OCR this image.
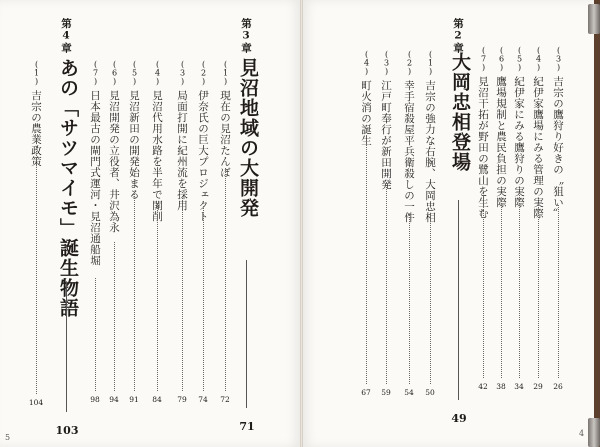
(3)
吉宗の鷹狩り好きの〝狙い〟
26
(4)
紀伊家鷹場にみる管理の実際
29
(5)
紀伊家にみる鷹狩りの実際
34
(6)
鷹場規制と農民負担の実際
38
(7)
見沼干拓が野田の鷺山を生む
42
第2章
大岡忠相登場
49
(1)
吉宗の強力な右腕、大岡忠相
50
(2)
幸手宿殺屋平兵衛殺しの一件
54
(3)
江戸町奉行が新田開発
59
(4)
町火消の誕生
67
第3章
見沼地域の大開発
71
(1)
現在の見沼たんぼ
72
(2)
伊奈氏の巨大プロジェクト
74
(3)
局面打開に紀州流を採用
79
(4)
見沼代用水路を半年で開削
84
(5)
見沼新田の開発始まる
91
(6)
見沼開発の立役者、井沢為永
94
(7)
日本最古の閘門式運河・見沼通船堀
98
第4章
あの「サツマイモ」誕生物語
103
(1)
吉宗の農業政策
104
5	4
